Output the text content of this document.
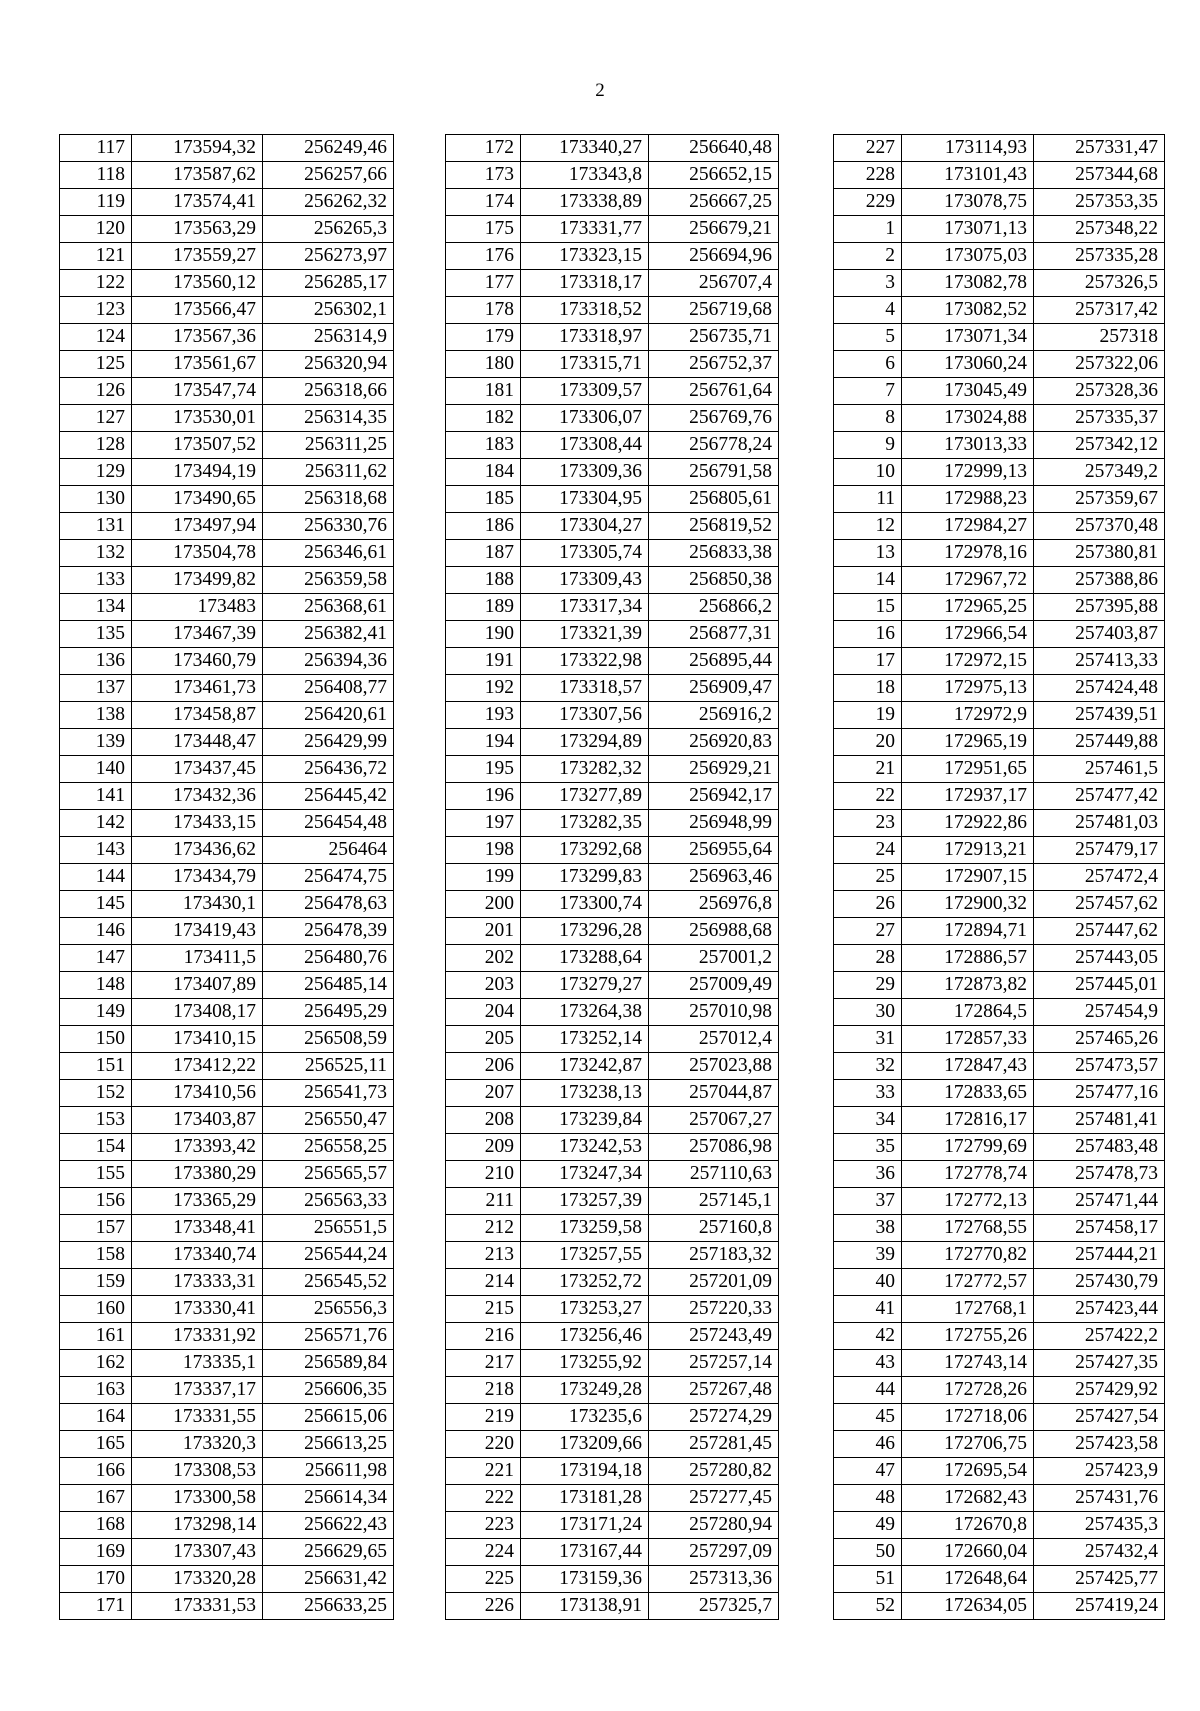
2
117	173594,32	256249,46
118	173587,62	256257,66
119	173574,41	256262,32
120	173563,29	256265,3
121	173559,27	256273,97
122	173560,12	256285,17
123	173566,47	256302,1
124	173567,36	256314,9
125	173561,67	256320,94
126	173547,74	256318,66
127	173530,01	256314,35
128	173507,52	256311,25
129	173494,19	256311,62
130	173490,65	256318,68
131	173497,94	256330,76
132	173504,78	256346,61
133	173499,82	256359,58
134	173483	256368,61
135	173467,39	256382,41
136	173460,79	256394,36
137	173461,73	256408,77
138	173458,87	256420,61
139	173448,47	256429,99
140	173437,45	256436,72
141	173432,36	256445,42
142	173433,15	256454,48
143	173436,62	256464
144	173434,79	256474,75
145	173430,1	256478,63
146	173419,43	256478,39
147	173411,5	256480,76
148	173407,89	256485,14
149	173408,17	256495,29
150	173410,15	256508,59
151	173412,22	256525,11
152	173410,56	256541,73
153	173403,87	256550,47
154	173393,42	256558,25
155	173380,29	256565,57
156	173365,29	256563,33
157	173348,41	256551,5
158	173340,74	256544,24
159	173333,31	256545,52
160	173330,41	256556,3
161	173331,92	256571,76
162	173335,1	256589,84
163	173337,17	256606,35
164	173331,55	256615,06
165	173320,3	256613,25
166	173308,53	256611,98
167	173300,58	256614,34
168	173298,14	256622,43
169	173307,43	256629,65
170	173320,28	256631,42
171	173331,53	256633,25
172	173340,27	256640,48
173	173343,8	256652,15
174	173338,89	256667,25
175	173331,77	256679,21
176	173323,15	256694,96
177	173318,17	256707,4
178	173318,52	256719,68
179	173318,97	256735,71
180	173315,71	256752,37
181	173309,57	256761,64
182	173306,07	256769,76
183	173308,44	256778,24
184	173309,36	256791,58
185	173304,95	256805,61
186	173304,27	256819,52
187	173305,74	256833,38
188	173309,43	256850,38
189	173317,34	256866,2
190	173321,39	256877,31
191	173322,98	256895,44
192	173318,57	256909,47
193	173307,56	256916,2
194	173294,89	256920,83
195	173282,32	256929,21
196	173277,89	256942,17
197	173282,35	256948,99
198	173292,68	256955,64
199	173299,83	256963,46
200	173300,74	256976,8
201	173296,28	256988,68
202	173288,64	257001,2
203	173279,27	257009,49
204	173264,38	257010,98
205	173252,14	257012,4
206	173242,87	257023,88
207	173238,13	257044,87
208	173239,84	257067,27
209	173242,53	257086,98
210	173247,34	257110,63
211	173257,39	257145,1
212	173259,58	257160,8
213	173257,55	257183,32
214	173252,72	257201,09
215	173253,27	257220,33
216	173256,46	257243,49
217	173255,92	257257,14
218	173249,28	257267,48
219	173235,6	257274,29
220	173209,66	257281,45
221	173194,18	257280,82
222	173181,28	257277,45
223	173171,24	257280,94
224	173167,44	257297,09
225	173159,36	257313,36
226	173138,91	257325,7
227	173114,93	257331,47
228	173101,43	257344,68
229	173078,75	257353,35
1	173071,13	257348,22
2	173075,03	257335,28
3	173082,78	257326,5
4	173082,52	257317,42
5	173071,34	257318
6	173060,24	257322,06
7	173045,49	257328,36
8	173024,88	257335,37
9	173013,33	257342,12
10	172999,13	257349,2
11	172988,23	257359,67
12	172984,27	257370,48
13	172978,16	257380,81
14	172967,72	257388,86
15	172965,25	257395,88
16	172966,54	257403,87
17	172972,15	257413,33
18	172975,13	257424,48
19	172972,9	257439,51
20	172965,19	257449,88
21	172951,65	257461,5
22	172937,17	257477,42
23	172922,86	257481,03
24	172913,21	257479,17
25	172907,15	257472,4
26	172900,32	257457,62
27	172894,71	257447,62
28	172886,57	257443,05
29	172873,82	257445,01
30	172864,5	257454,9
31	172857,33	257465,26
32	172847,43	257473,57
33	172833,65	257477,16
34	172816,17	257481,41
35	172799,69	257483,48
36	172778,74	257478,73
37	172772,13	257471,44
38	172768,55	257458,17
39	172770,82	257444,21
40	172772,57	257430,79
41	172768,1	257423,44
42	172755,26	257422,2
43	172743,14	257427,35
44	172728,26	257429,92
45	172718,06	257427,54
46	172706,75	257423,58
47	172695,54	257423,9
48	172682,43	257431,76
49	172670,8	257435,3
50	172660,04	257432,4
51	172648,64	257425,77
52	172634,05	257419,24
